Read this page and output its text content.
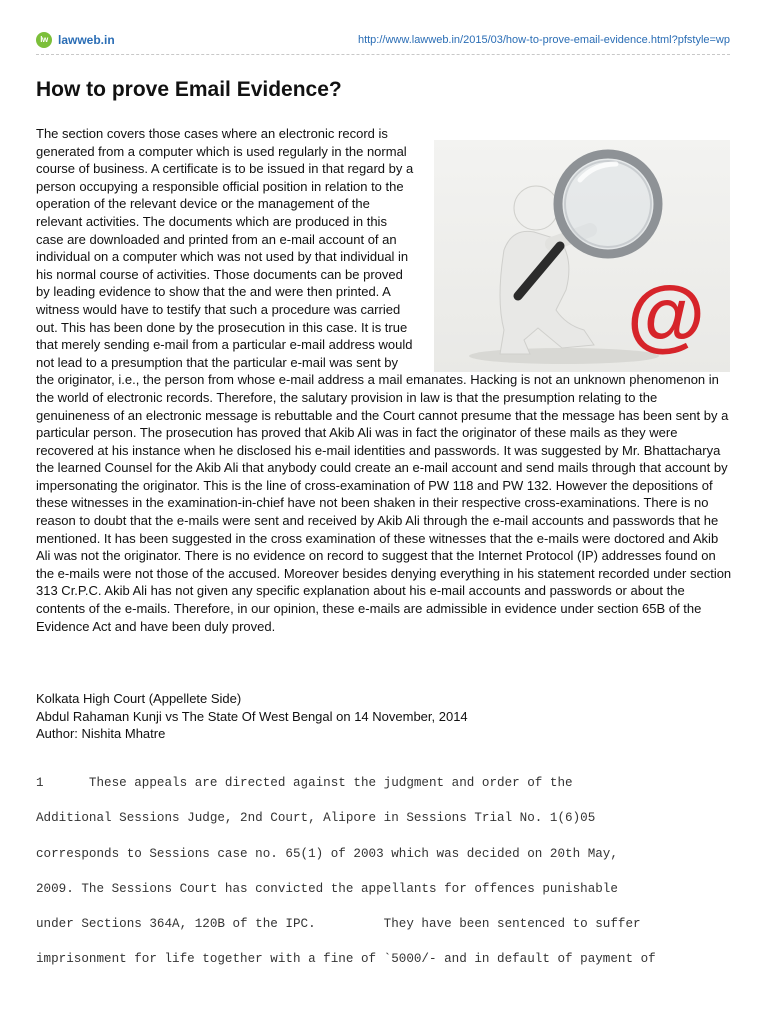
lw lawweb.in	http://www.lawweb.in/2015/03/how-to-prove-email-evidence.html?pfstyle=wp
How to prove Email Evidence?
@

The section covers those cases where an electronic record is generated from a computer which is used regularly in the normal course of business. A certificate is to be issued in that regard by a person occupying a responsible official position in relation to the operation of the relevant device or the management of the relevant activities. The documents which are produced in this case are downloaded and printed from an e-mail account of an individual on a computer which was not used by that individual in his normal course of activities. Those documents can be proved by leading evidence to show that the and were then printed. A witness would have to testify that such a procedure was carried out. This has been done by the prosecution in this case. It is true that merely sending e-mail from a particular e-mail address would not lead to a presumption that the particular e-mail was sent by the originator, i.e., the person from whose e-mail address a mail emanates. Hacking is not an unknown phenomenon in the world of electronic records. Therefore, the salutary provision in law is that the presumption relating to the genuineness of an electronic message is rebuttable and the Court cannot presume that the message has been sent by a particular person. The prosecution has proved that Akib Ali was in fact the originator of these mails as they were recovered at his instance when he disclosed his e-mail identities and passwords. It was suggested by Mr. Bhattacharya the learned Counsel for the Akib Ali that anybody could create an e-mail account and send mails through that account by impersonating the originator. This is the line of cross-examination of PW 118 and PW 132. However the depositions of these witnesses in the examination-in-chief have not been shaken in their respective cross-examinations. There is no reason to doubt that the e-mails were sent and received by Akib Ali through the e-mail accounts and passwords that he mentioned. It has been suggested in the cross examination of these witnesses that the e-mails were doctored and Akib Ali was not the originator. There is no evidence on record to suggest that the Internet Protocol (IP) addresses found on the e-mails were not those of the accused. Moreover besides denying everything in his statement recorded under section 313 Cr.P.C. Akib Ali has not given any specific explanation about his e-mail accounts and passwords or about the contents of the e-mails. Therefore, in our opinion, these e-mails are admissible in evidence under section 65B of the Evidence Act and have been duly proved.

Kolkata High Court (Appellete Side)
Abdul Rahaman Kunji vs The State Of West Bengal on 14 November, 2014
Author: Nishita Mhatre
1      These appeals are directed against the judgment and order of the
Additional Sessions Judge, 2nd Court, Alipore in Sessions Trial No. 1(6)05
corresponds to Sessions case no. 65(1) of 2003 which was decided on 20th May,
2009. The Sessions Court has convicted the appellants for offences punishable
under Sections 364A, 120B of the IPC.         They have been sentenced to suffer
imprisonment for life together with a fine of `5000/- and in default of payment of
